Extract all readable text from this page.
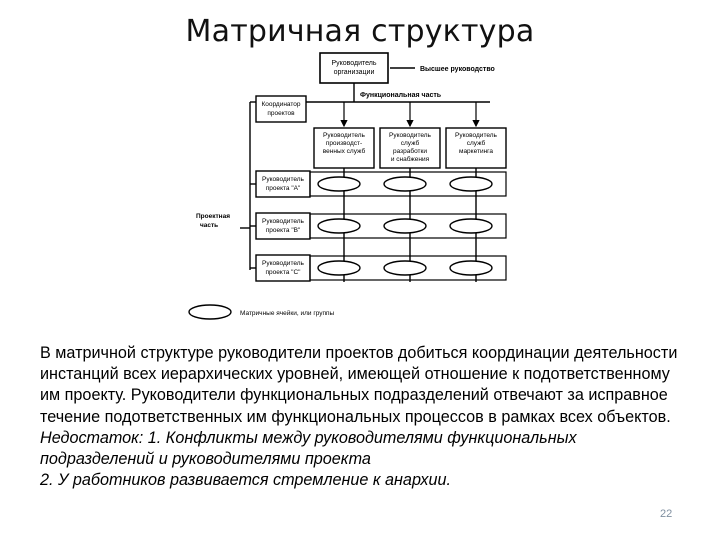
Матричная структура
Руководитель
организации	Высшее руководство
Функциональная часть
Координатор
проектов
Руководитель
производст-
венных служб
Руководитель
служб
разработки
и снабжения
Руководитель
служб
маркетинга
Проектная
часть
Руководитель
проекта "А"
Руководитель
проекта "В"
Руководитель
проекта "С"
Матричные ячейки, или группы

В матричной структуре руководители проектов добиться координации деятельности инстанций всех иерархических уровней, имеющей отношение к подответственному им проекту. Руководители функциональных подразделений отвечают за исправное течение подответственных им функциональных процессов в рамках всех объектов.

Недостаток: 1. Конфликты между руководителями функциональных подразделений и руководителями проекта

2. У работников развивается стремление к анархии.

22
